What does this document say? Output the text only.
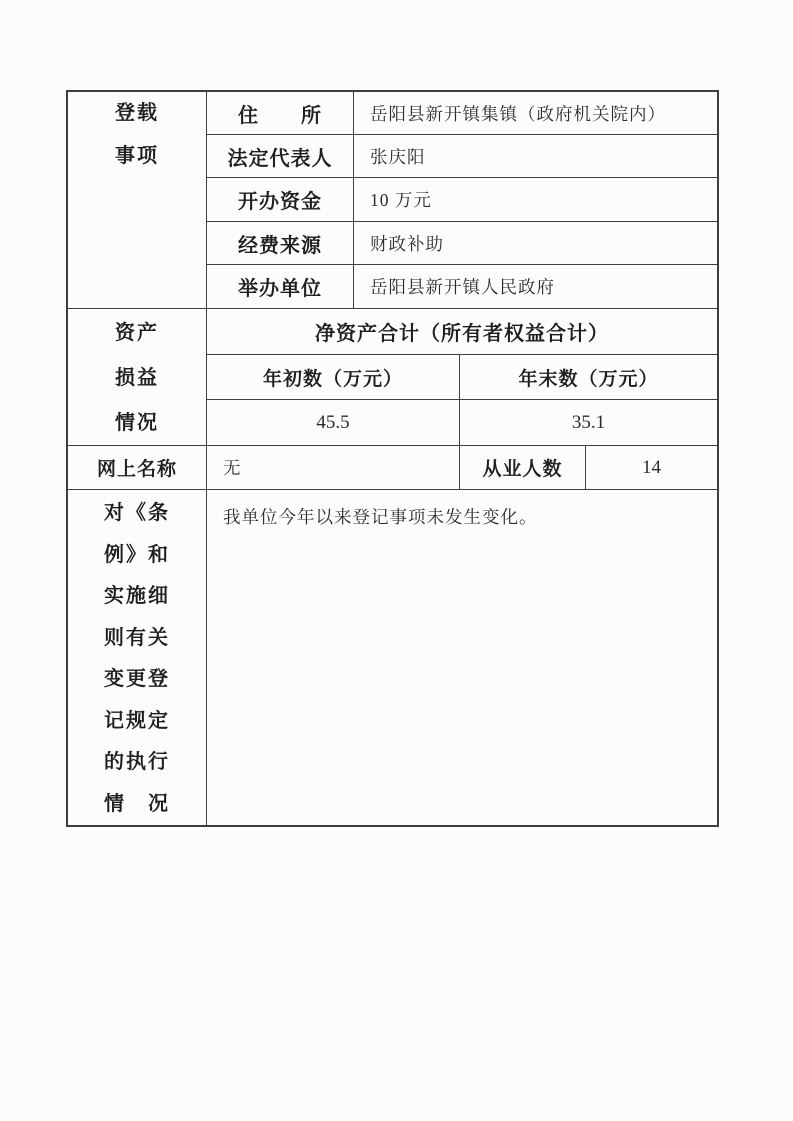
登载
事项
住　　所	岳阳县新开镇集镇（政府机关院内）
法定代表人	张庆阳
开办资金	10 万元
经费来源	财政补助
举办单位	岳阳县新开镇人民政府
资产
损益
情况
净资产合计（所有者权益合计）
年初数（万元）	年末数（万元）
45.5	35.1
网上名称	无	从业人数	14
对《条
例》和
实施细
则有关
变更登
记规定
的执行
情　况
我单位今年以来登记事项未发生变化。
